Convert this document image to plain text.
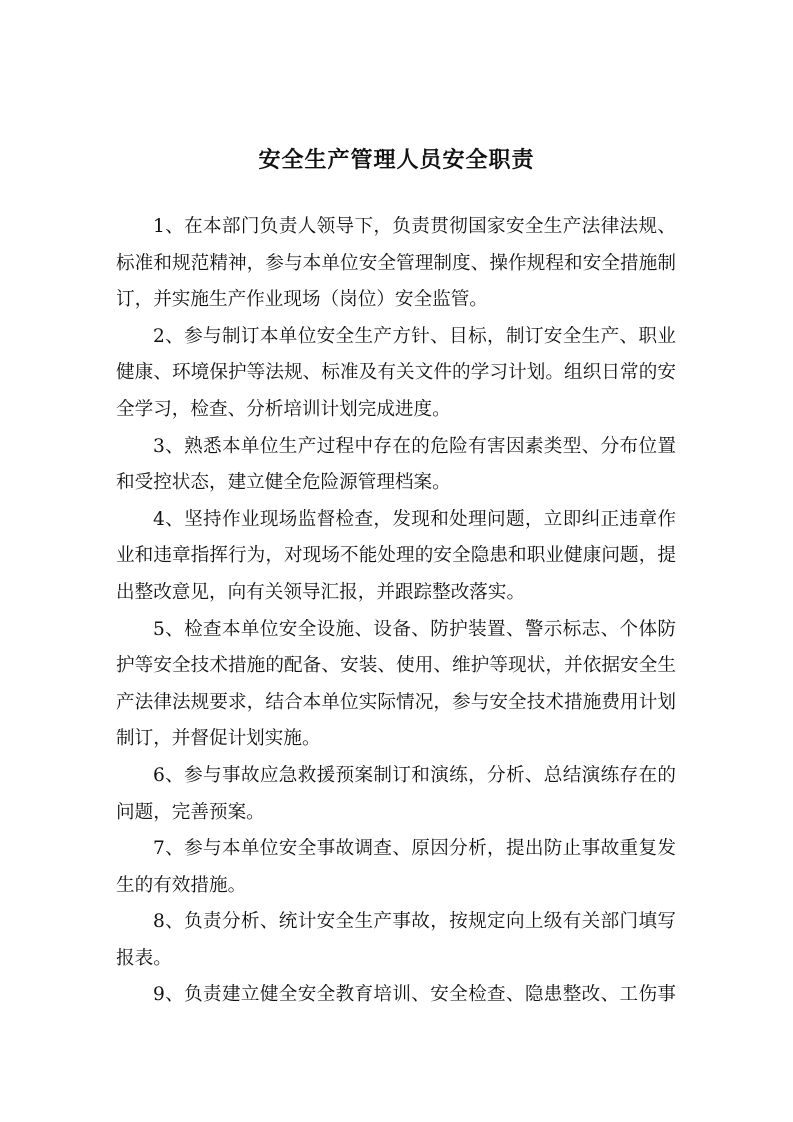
安全生产管理人员安全职责
1、在本部门负责人领导下，负责贯彻国家安全生产法律法规、
标准和规范精神，参与本单位安全管理制度、操作规程和安全措施制
订，并实施生产作业现场（岗位）安全监管。
2、参与制订本单位安全生产方针、目标，制订安全生产、职业
健康、环境保护等法规、标准及有关文件的学习计划。组织日常的安
全学习，检查、分析培训计划完成进度。
3、熟悉本单位生产过程中存在的危险有害因素类型、分布位置
和受控状态，建立健全危险源管理档案。
4、坚持作业现场监督检查，发现和处理问题，立即纠正违章作
业和违章指挥行为，对现场不能处理的安全隐患和职业健康问题，提
出整改意见，向有关领导汇报，并跟踪整改落实。
5、检查本单位安全设施、设备、防护装置、警示标志、个体防
护等安全技术措施的配备、安装、使用、维护等现状，并依据安全生
产法律法规要求，结合本单位实际情况，参与安全技术措施费用计划
制订，并督促计划实施。
6、参与事故应急救援预案制订和演练，分析、总结演练存在的
问题，完善预案。
7、参与本单位安全事故调查、原因分析，提出防止事故重复发
生的有效措施。
8、负责分析、统计安全生产事故，按规定向上级有关部门填写
报表。
9、负责建立健全安全教育培训、安全检查、隐患整改、工伤事
